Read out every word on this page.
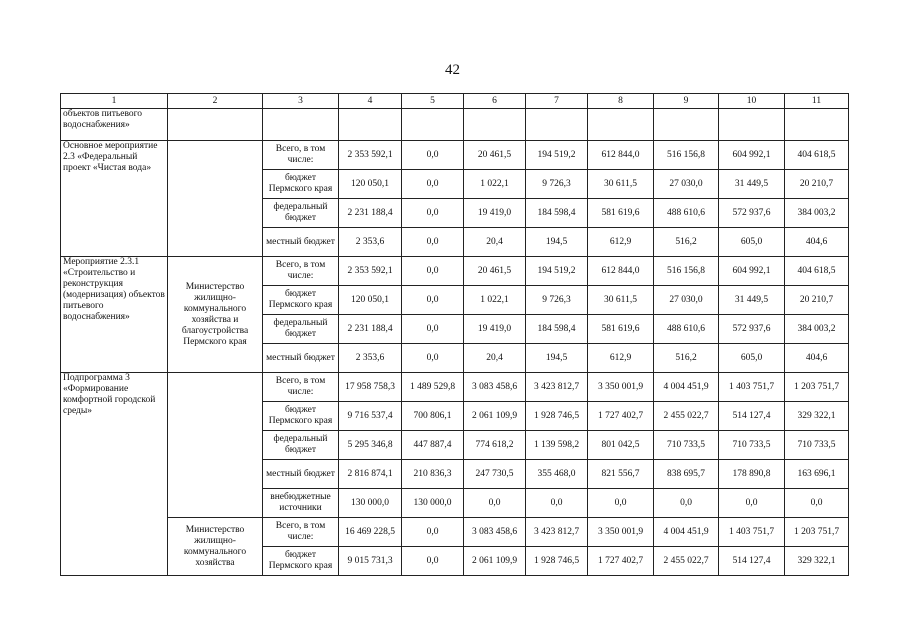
42
1	2	3	4	5	6	7	8	9	10	11
объектов питьевого водоснабжения»										
Основное мероприятие 2.3 «Федеральный проект «Чистая вода»		Всего, в том числе:	2 353 592,1	0,0	20 461,5	194 519,2	612 844,0	516 156,8	604 992,1	404 618,5
		бюджет Пермского края	120 050,1	0,0	1 022,1	9 726,3	30 611,5	27 030,0	31 449,5	20 210,7
		федеральный бюджет	2 231 188,4	0,0	19 419,0	184 598,4	581 619,6	488 610,6	572 937,6	384 003,2
		местный бюджет	2 353,6	0,0	20,4	194,5	612,9	516,2	605,0	404,6
Мероприятие 2.3.1 «Строительство и реконструкция (модернизация) объектов питьевого водоснабжения»	Министерство жилищно-коммунального хозяйства и благоустройства Пермского края	Всего, в том числе:	2 353 592,1	0,0	20 461,5	194 519,2	612 844,0	516 156,8	604 992,1	404 618,5
		бюджет Пермского края	120 050,1	0,0	1 022,1	9 726,3	30 611,5	27 030,0	31 449,5	20 210,7
		федеральный бюджет	2 231 188,4	0,0	19 419,0	184 598,4	581 619,6	488 610,6	572 937,6	384 003,2
		местный бюджет	2 353,6	0,0	20,4	194,5	612,9	516,2	605,0	404,6
Подпрограмма 3 «Формирование комфортной городской среды»		Всего, в том числе:	17 958 758,3	1 489 529,8	3 083 458,6	3 423 812,7	3 350 001,9	4 004 451,9	1 403 751,7	1 203 751,7
		бюджет Пермского края	9 716 537,4	700 806,1	2 061 109,9	1 928 746,5	1 727 402,7	2 455 022,7	514 127,4	329 322,1
		федеральный бюджет	5 295 346,8	447 887,4	774 618,2	1 139 598,2	801 042,5	710 733,5	710 733,5	710 733,5
		местный бюджет	2 816 874,1	210 836,3	247 730,5	355 468,0	821 556,7	838 695,7	178 890,8	163 696,1
		внебюджетные источники	130 000,0	130 000,0	0,0	0,0	0,0	0,0	0,0	0,0
	Министерство жилищно-коммунального хозяйства	Всего, в том числе:	16 469 228,5	0,0	3 083 458,6	3 423 812,7	3 350 001,9	4 004 451,9	1 403 751,7	1 203 751,7
		бюджет Пермского края	9 015 731,3	0,0	2 061 109,9	1 928 746,5	1 727 402,7	2 455 022,7	514 127,4	329 322,1
